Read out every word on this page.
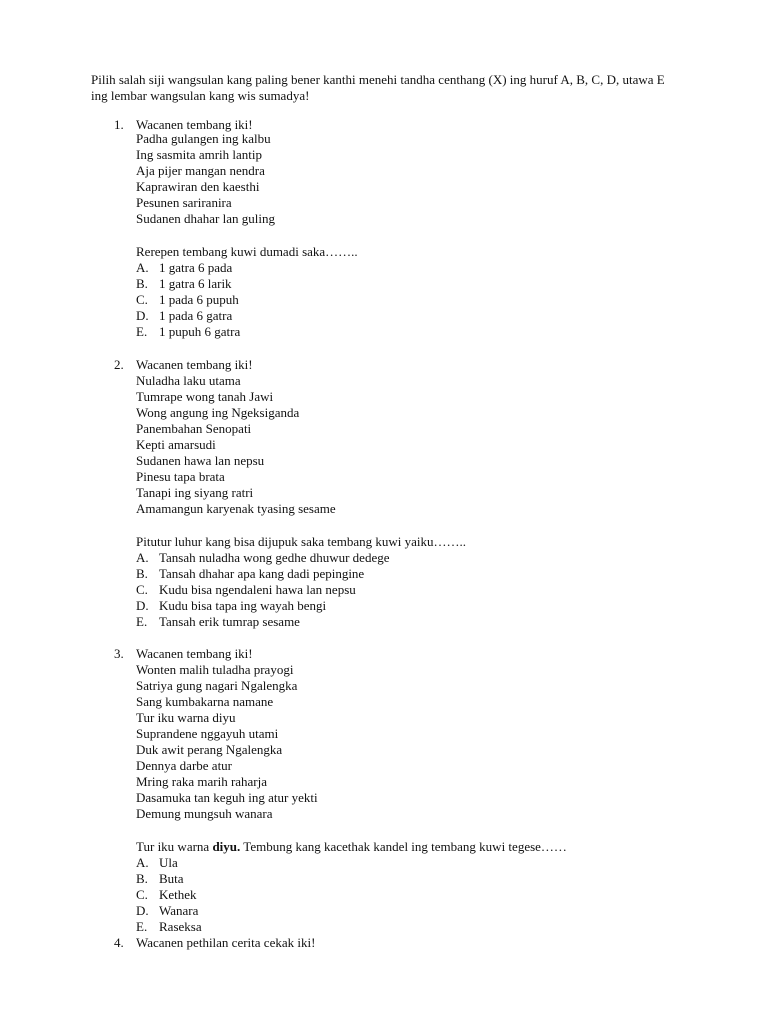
Pilih salah siji wangsulan kang paling bener kanthi menehi tandha centhang (X) ing huruf A, B, C, D, utawa E ing lembar wangsulan kang wis sumadya!

1. Wacanen tembang iki!
Padha gulangen ing kalbu
Ing sasmita amrih lantip
Aja pijer mangan nendra
Kaprawiran den kaesthi
Pesunen sariranira
Sudanen dhahar lan guling
Rerepen tembang kuwi dumadi saka……..
A. 1 gatra 6 pada
B. 1 gatra 6 larik
C. 1 pada 6 pupuh
D. 1 pada 6 gatra
E. 1 pupuh 6 gatra
2. Wacanen tembang iki!
Nuladha laku utama
Tumrape wong tanah Jawi
Wong angung ing Ngeksiganda
Panembahan Senopati
Kepti amarsudi
Sudanen hawa lan nepsu
Pinesu tapa brata
Tanapi ing siyang ratri
Amamangun karyenak tyasing sesame
Pitutur luhur kang bisa dijupuk saka tembang kuwi yaiku……..
A. Tansah nuladha wong gedhe dhuwur dedege
B. Tansah dhahar apa kang dadi pepingine
C. Kudu bisa ngendaleni hawa lan nepsu
D. Kudu bisa tapa ing wayah bengi
E. Tansah erik tumrap sesame
3. Wacanen tembang iki!
Wonten malih tuladha prayogi
Satriya gung nagari Ngalengka
Sang kumbakarna namane
Tur iku warna diyu
Suprandene nggayuh utami
Duk awit perang Ngalengka
Dennya darbe atur
Mring raka marih raharja
Dasamuka tan keguh ing atur yekti
Demung mungsuh wanara
Tur iku warna diyu. Tembung kang kacethak kandel ing tembang kuwi tegese……
A. Ula
B. Buta
C. Kethek
D. Wanara
E. Raseksa
4. Wacanen pethilan cerita cekak iki!
